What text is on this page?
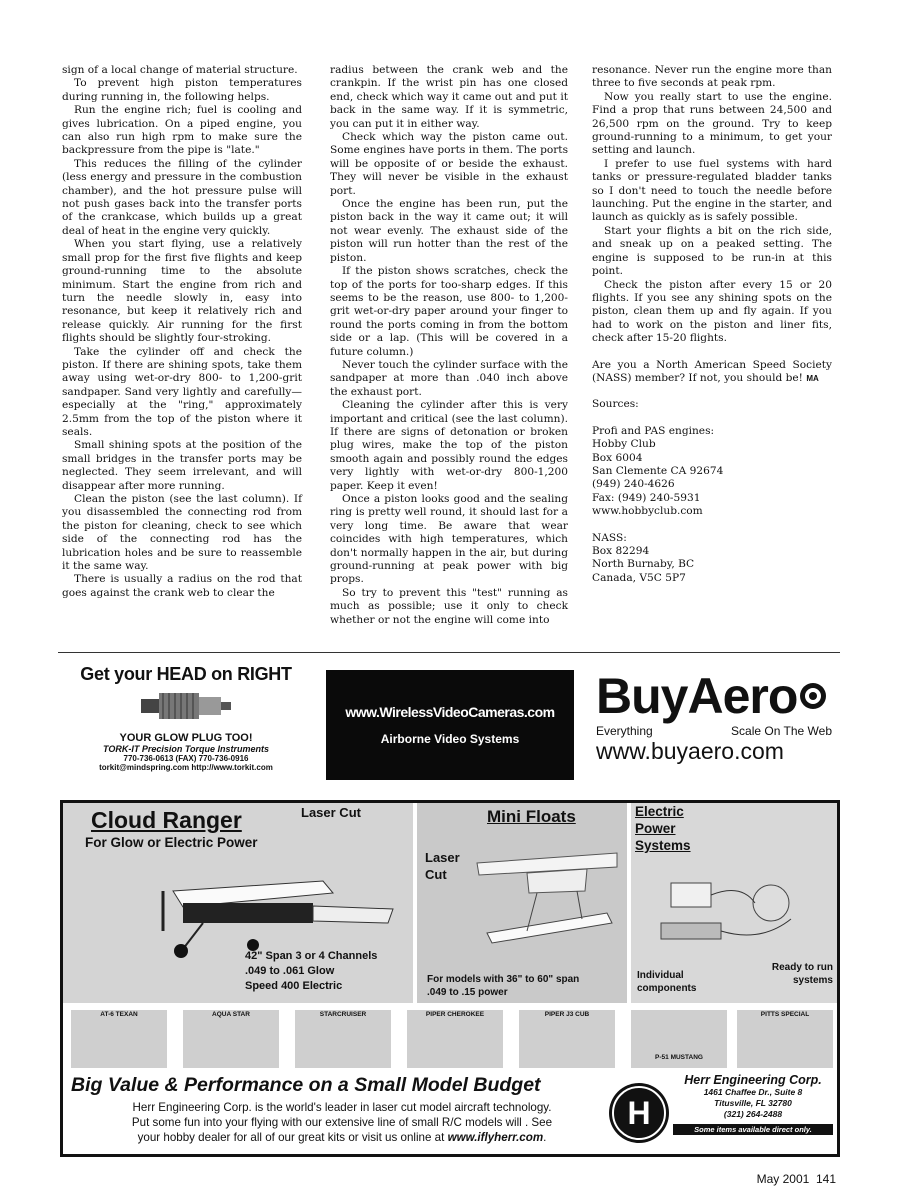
sign of a local change of material structure.

To prevent high piston temperatures during running in, the following helps.

Run the engine rich; fuel is cooling and gives lubrication. On a piped engine, you can also run high rpm to make sure the backpressure from the pipe is "late."

This reduces the filling of the cylinder (less energy and pressure in the combustion chamber), and the hot pressure pulse will not push gases back into the transfer ports of the crankcase, which builds up a great deal of heat in the engine very quickly.

When you start flying, use a relatively small prop for the first five flights and keep ground-running time to the absolute minimum. Start the engine from rich and turn the needle slowly in, easy into resonance, but keep it relatively rich and release quickly. Air running for the first flights should be slightly four-stroking.

Take the cylinder off and check the piston. If there are shining spots, take them away using wet-or-dry 800- to 1,200-grit sandpaper. Sand very lightly and carefully—especially at the "ring," approximately 2.5mm from the top of the piston where it seals.

Small shining spots at the position of the small bridges in the transfer ports may be neglected. They seem irrelevant, and will disappear after more running.

Clean the piston (see the last column). If you disassembled the connecting rod from the piston for cleaning, check to see which side of the connecting rod has the lubrication holes and be sure to reassemble it the same way.

There is usually a radius on the rod that goes against the crank web to clear the

radius between the crank web and the crankpin. If the wrist pin has one closed end, check which way it came out and put it back in the same way. If it is symmetric, you can put it in either way.

Check which way the piston came out. Some engines have ports in them. The ports will be opposite of or beside the exhaust. They will never be visible in the exhaust port.

Once the engine has been run, put the piston back in the way it came out; it will not wear evenly. The exhaust side of the piston will run hotter than the rest of the piston.

If the piston shows scratches, check the top of the ports for too-sharp edges. If this seems to be the reason, use 800- to 1,200-grit wet-or-dry paper around your finger to round the ports coming in from the bottom side or a lap. (This will be covered in a future column.)

Never touch the cylinder surface with the sandpaper at more than .040 inch above the exhaust port.

Cleaning the cylinder after this is very important and critical (see the last column). If there are signs of detonation or broken plug wires, make the top of the piston smooth again and possibly round the edges very lightly with wet-or-dry 800-1,200 paper. Keep it even!

Once a piston looks good and the sealing ring is pretty well round, it should last for a very long time. Be aware that wear coincides with high temperatures, which don't normally happen in the air, but during ground-running at peak power with big props.

So try to prevent this "test" running as much as possible; use it only to check whether or not the engine will come into

resonance. Never run the engine more than three to five seconds at peak rpm.

Now you really start to use the engine. Find a prop that runs between 24,500 and 26,500 rpm on the ground. Try to keep ground-running to a minimum, to get your setting and launch.

I prefer to use fuel systems with hard tanks or pressure-regulated bladder tanks so I don't need to touch the needle before launching. Put the engine in the starter, and launch as quickly as is safely possible.

Start your flights a bit on the rich side, and sneak up on a peaked setting. The engine is supposed to be run-in at this point.

Check the piston after every 15 or 20 flights. If you see any shining spots on the piston, clean them up and fly again. If you had to work on the piston and liner fits, check after 15-20 flights.

Are you a North American Speed Society (NASS) member? If not, you should be! MA

Sources:

Profi and PAS engines:
Hobby Club
Box 6004
San Clemente CA 92674
(949) 240-4626
Fax: (949) 240-5931
www.hobbyclub.com
NASS:
Box 82294
North Burnaby, BC
Canada, V5C 5P7
Get your HEAD on RIGHT
YOUR GLOW PLUG TOO!
TORK-IT Precision Torque Instruments
770-736-0613 (FAX) 770-736-0916
torkit@mindspring.com http://www.torkit.com
www.WirelessVideoCameras.com
Airborne Video Systems
BuyAero
Everything	Scale On The Web
www.buyaero.com
Cloud Ranger	Laser Cut
For Glow or Electric Power
42" Span 3 or 4 Channels
.049 to .061 Glow
Speed 400 Electric
Mini Floats
Laser
Cut
For models with 36" to 60" span
.049 to .15 power
Electric
Power
Systems
Individual
components
Ready to run
systems
AT-6 TEXAN	AQUA STAR	STARCRUISER	PIPER CHEROKEE	PIPER J3 CUB
P-51 MUSTANG
PITTS SPECIAL
Big Value & Performance on a Small Model Budget
Herr Engineering Corp. is the world's leader in laser cut model aircraft technology.
Put some fun into your flying with our extensive line of small R/C models will . See
your hobby dealer for all of our great kits or visit us online at www.iflyherr.com.
H
Herr Engineering Corp.
1461 Chaffee Dr., Suite 8
Titusville, FL 32780
(321) 264-2488
Some items available direct only.
May 2001 141
